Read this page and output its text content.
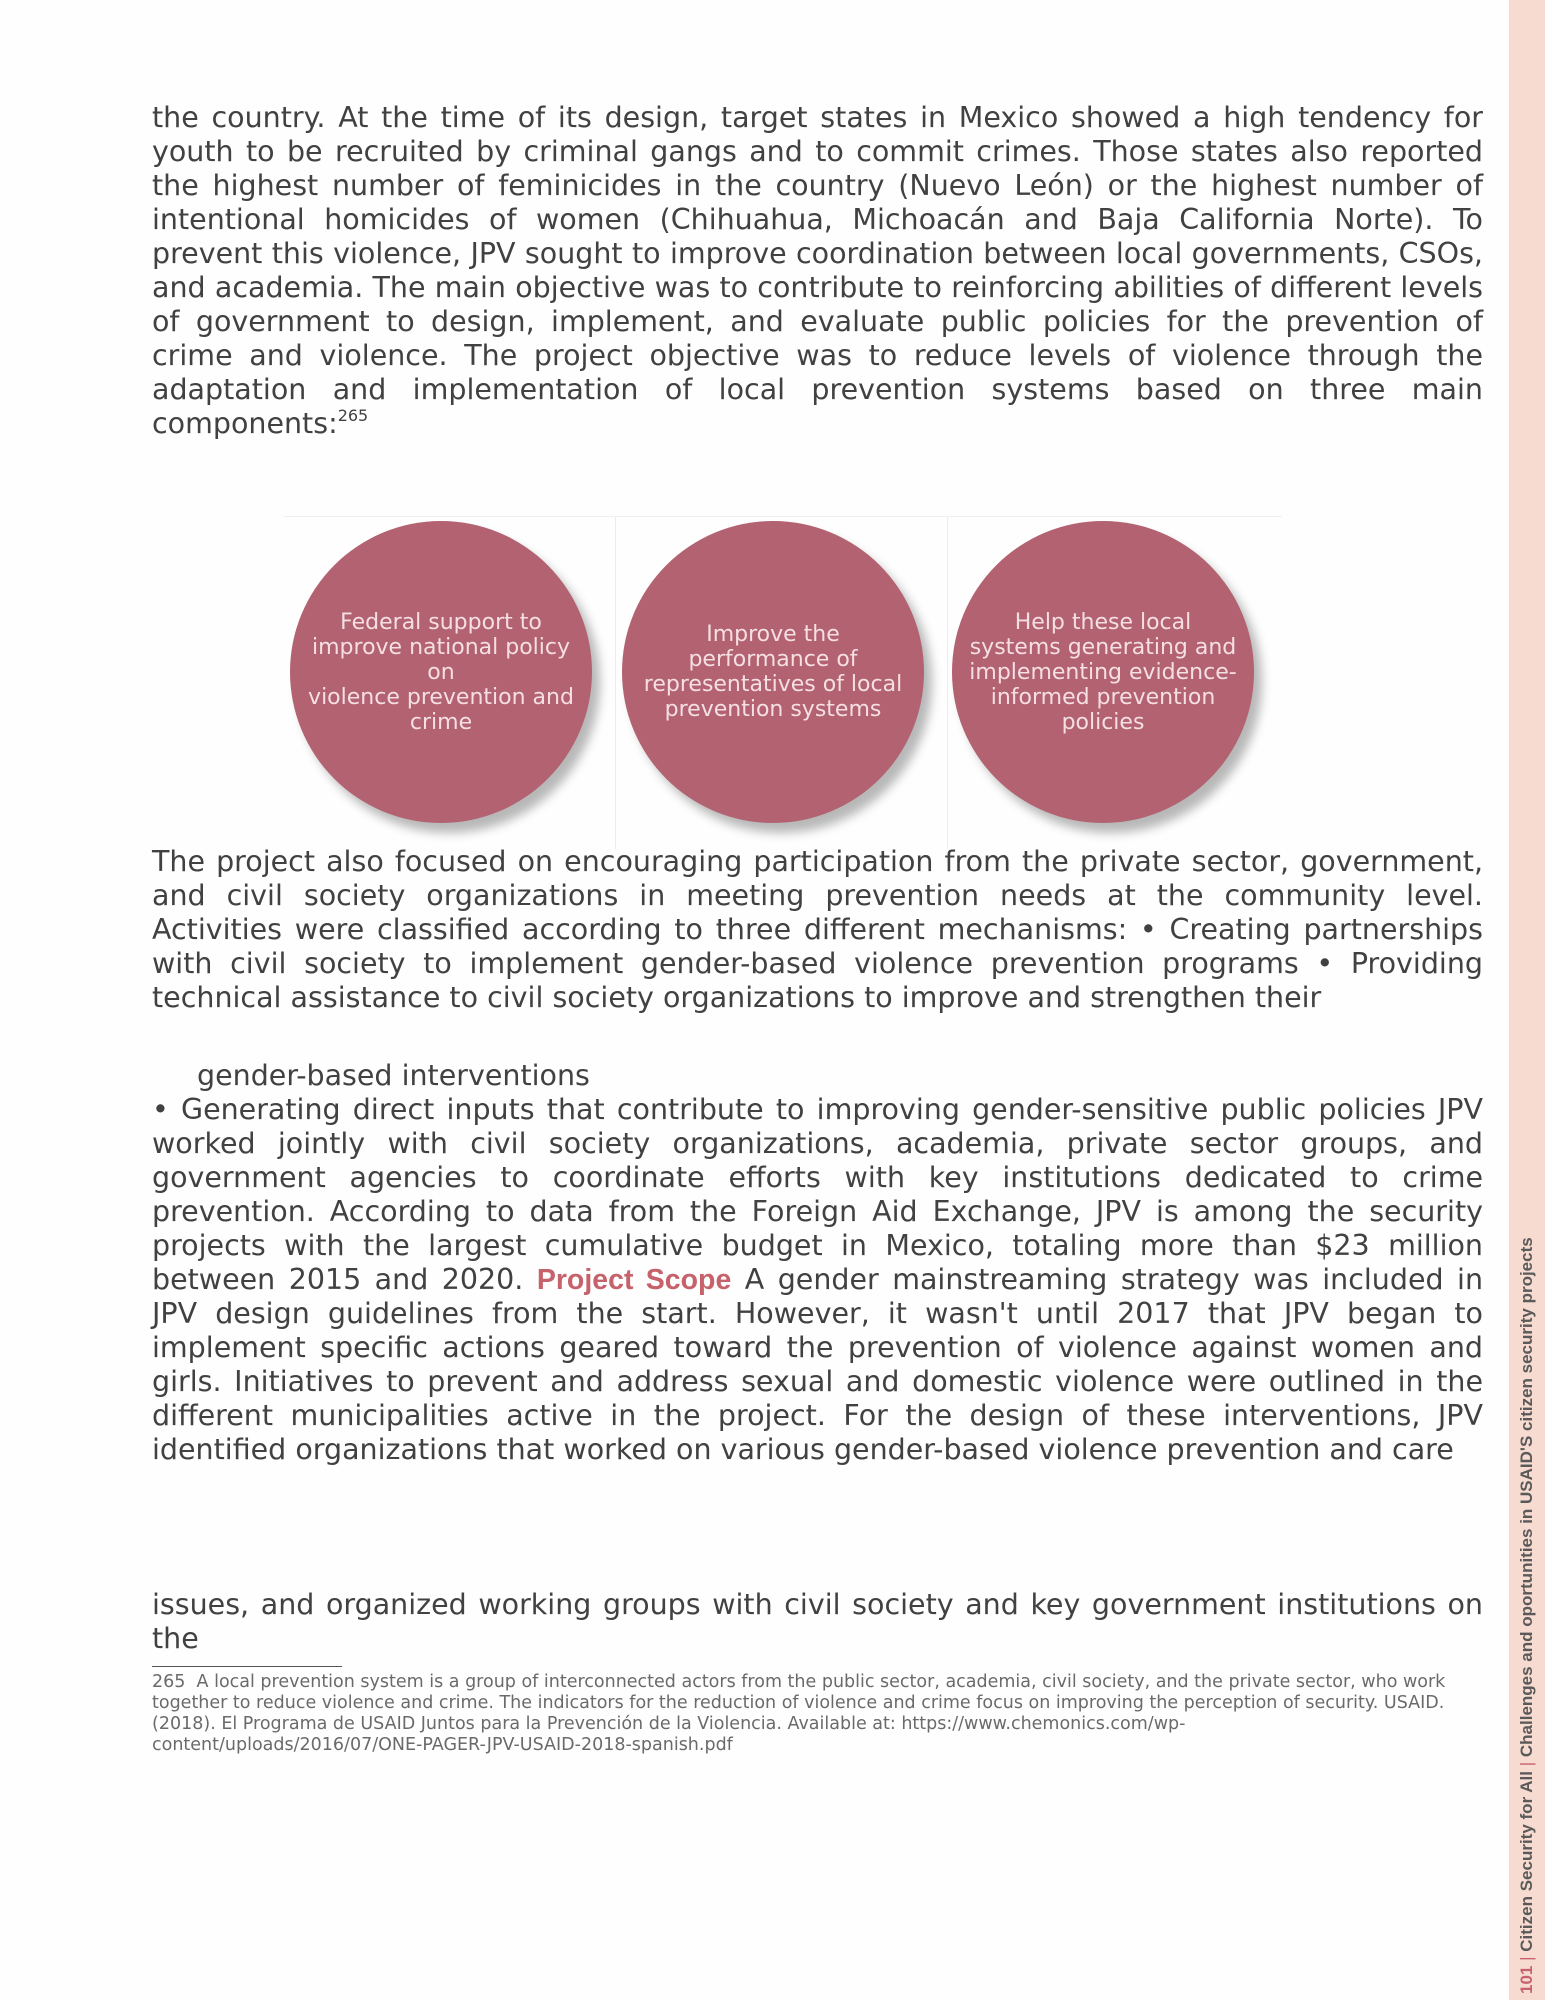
the country. At the time of its design, target states in Mexico showed a high tendency for youth to be recruited by criminal gangs and to commit crimes. Those states also reported the highest number of feminicides in the country (Nuevo León) or the highest number of intentional homicides of women (Chihuahua, Michoacán and Baja California Norte). To prevent this violence, JPV sought to improve coordination between local governments, CSOs, and academia. The main objective was to contribute to reinforcing abilities of different levels of government to design, implement, and evaluate public policies for the prevention of crime and violence. The project objective was to reduce levels of violence through the adaptation and implementation of local prevention systems based on three main components:$^{265}$

Federal support to
improve national policy on
violence prevention and
crime
Improve the
performance of
representatives of local
prevention systems
Help these local
systems generating and
implementing evidence-
informed prevention
policies

The project also focused on encouraging participation from the private sector, government, and civil society organizations in meeting prevention needs at the community level. Activities were classified according to three different mechanisms: • Creating partnerships with civil society to implement gender-based violence prevention programs • Providing technical assistance to civil society organizations to improve and strengthen their

gender-based interventions
• Generating direct inputs that contribute to improving gender-sensitive public policies JPV worked jointly with civil society organizations, academia, private sector groups, and government agencies to coordinate efforts with key institutions dedicated to crime prevention. According to data from the Foreign Aid Exchange, JPV is among the security projects with the largest cumulative budget in Mexico, totaling more than $23 million between 2015 and 2020. Project Scope A gender mainstreaming strategy was included in JPV design guidelines from the start. However, it wasn't until 2017 that JPV began to implement specific actions geared toward the prevention of violence against women and girls. Initiatives to prevent and address sexual and domestic violence were outlined in the different municipalities active in the project. For the design of these interventions, JPV identified organizations that worked on various gender-based violence prevention and care

issues, and organized working groups with civil society and key government institutions on the

265 A local prevention system is a group of interconnected actors from the public sector, academia, civil society, and the private sector, who work together to reduce violence and crime. The indicators for the reduction of violence and crime focus on improving the perception of security. USAID. (2018). El Programa de USAID Juntos para la Prevención de la Violencia. Available at: https://www.chemonics.com/wp-content/uploads/2016/07/ONE-PAGER-JPV-USAID-2018-spanish.pdf

101 | Citizen Security for All | Challenges and oportunities in USAID'S citizen security projects
